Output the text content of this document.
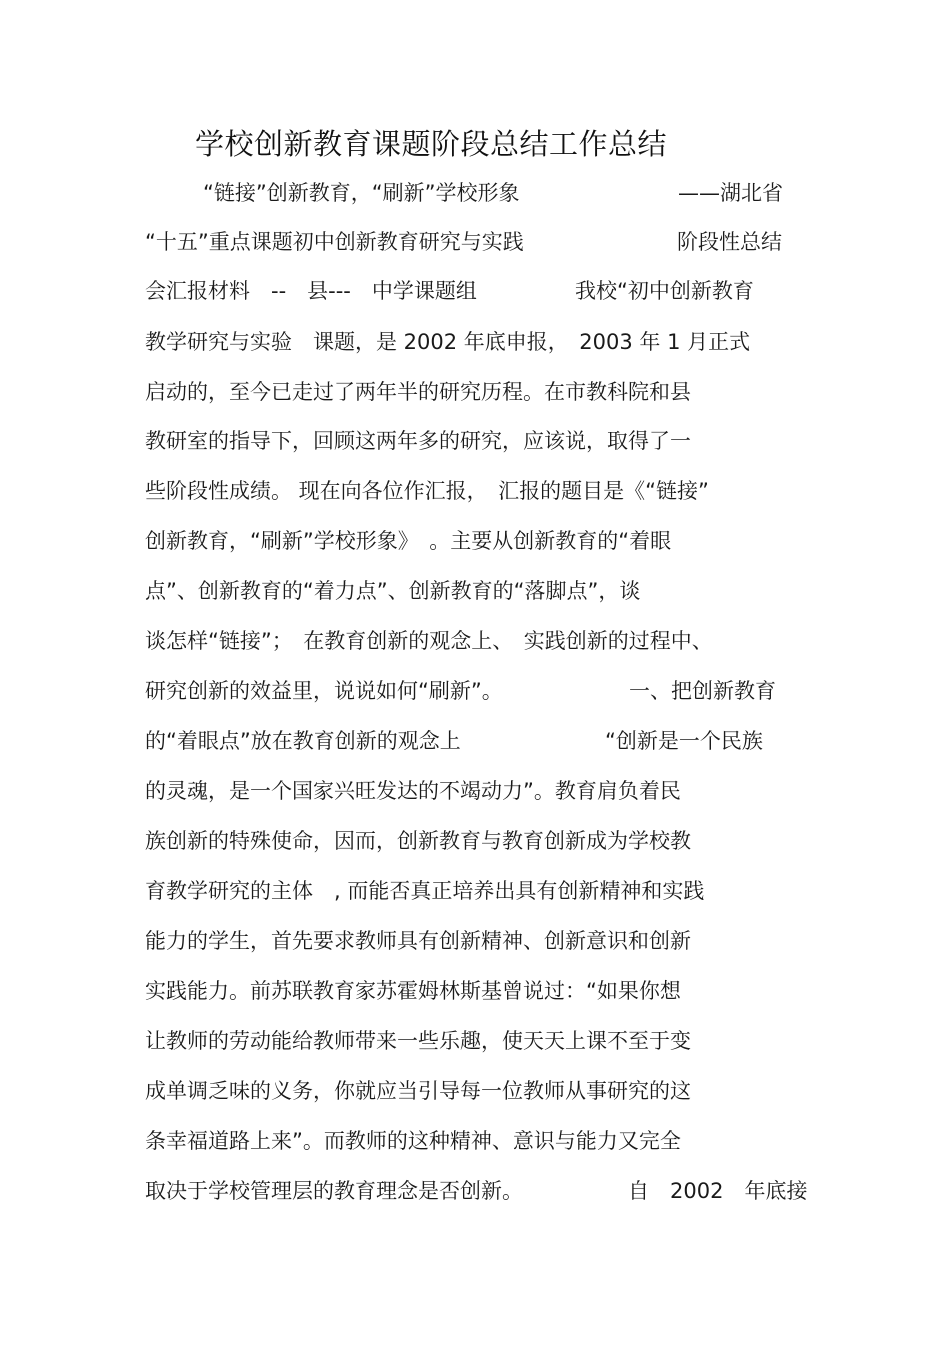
学校创新教育课题阶段总结工作总结
“链接”创新教育，“刷新”学校形象	——湖北省
“十五”重点课题初中创新教育研究与实践	阶段性总结
会汇报材料　--　县---　中学课题组	我校“初中创新教育
教学研究与实验　课题，是 2002 年底申报，　2003 年 1 月正式
启动的，至今已走过了两年半的研究历程。在市教科院和县
教研室的指导下，回顾这两年多的研究，应该说，取得了一
些阶段性成绩。 现在向各位作汇报，　汇报的题目是《“链接”
创新教育，“刷新”学校形象》　。主要从创新教育的“着眼
点”、创新教育的“着力点”、创新教育的“落脚点”，谈
谈怎样“链接”；　在教育创新的观念上、　实践创新的过程中、
研究创新的效益里，说说如何“刷新”。	一、把创新教育
的“着眼点”放在教育创新的观念上	“创新是一个民族
的灵魂，是一个国家兴旺发达的不竭动力”。教育肩负着民
族创新的特殊使命，因而，创新教育与教育创新成为学校教
育教学研究的主体　, 而能否真正培养出具有创新精神和实践
能力的学生，首先要求教师具有创新精神、创新意识和创新
实践能力。前苏联教育家苏霍姆林斯基曾说过：“如果你想
让教师的劳动能给教师带来一些乐趣，使天天上课不至于变
成单调乏味的义务，你就应当引导每一位教师从事研究的这
条幸福道路上来”。而教师的这种精神、意识与能力又完全
取决于学校管理层的教育理念是否创新。	自　2002　年底接
